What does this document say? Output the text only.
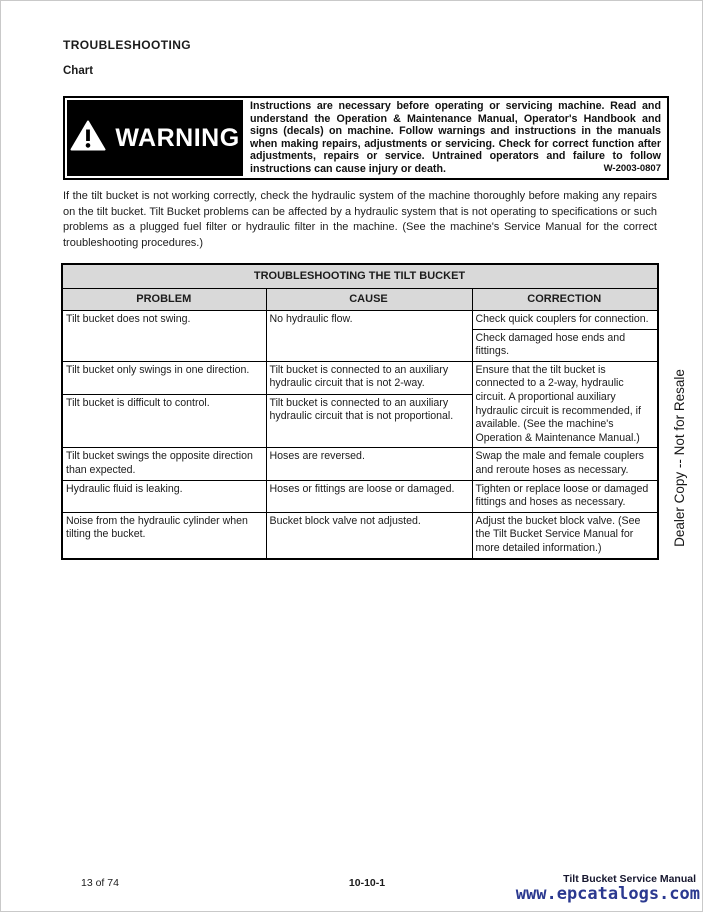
TROUBLESHOOTING
Chart
WARNING
Instructions are necessary before operating or servicing machine. Read and understand the Operation & Maintenance Manual, Operator's Handbook and signs (decals) on machine. Follow warnings and instructions in the manuals when making repairs, adjustments or servicing. Check for correct function after adjustments, repairs or service. Untrained operators and failure to follow instructions can cause injury or death.	W-2003-0807

If the tilt bucket is not working correctly, check the hydraulic system of the machine thoroughly before making any repairs on the tilt bucket. Tilt Bucket problems can be affected by a hydraulic system that is not operating to specifications or such problems as a plugged fuel filter or hydraulic filter in the machine. (See the machine's Service Manual for the correct troubleshooting procedures.)

TROUBLESHOOTING THE TILT BUCKET		
PROBLEM	CAUSE	CORRECTION
Tilt bucket does not swing.	No hydraulic flow.	Check quick couplers for connection.
		Check damaged hose ends and fittings.
Tilt bucket only swings in one direction.	Tilt bucket is connected to an auxiliary hydraulic circuit that is not 2-way.	Ensure that the tilt bucket is connected to a 2-way, hydraulic circuit. A proportional auxiliary hydraulic circuit is recommended, if available. (See the machine's Operation & Maintenance Manual.)
Tilt bucket is difficult to control.	Tilt bucket is connected to an auxiliary hydraulic circuit that is not proportional.	
Tilt bucket swings the opposite direction than expected.	Hoses are reversed.	Swap the male and female couplers and reroute hoses as necessary.
Hydraulic fluid is leaking.	Hoses or fittings are loose or damaged.	Tighten or replace loose or damaged fittings and hoses as necessary.
Noise from the hydraulic cylinder when tilting the bucket.	Bucket block valve not adjusted.	Adjust the bucket block valve. (See the Tilt Bucket Service Manual for more detailed information.)
Dealer Copy -- Not for Resale
13 of 74	10-10-1	Tilt Bucket Service Manual
www.epcatalogs.com
